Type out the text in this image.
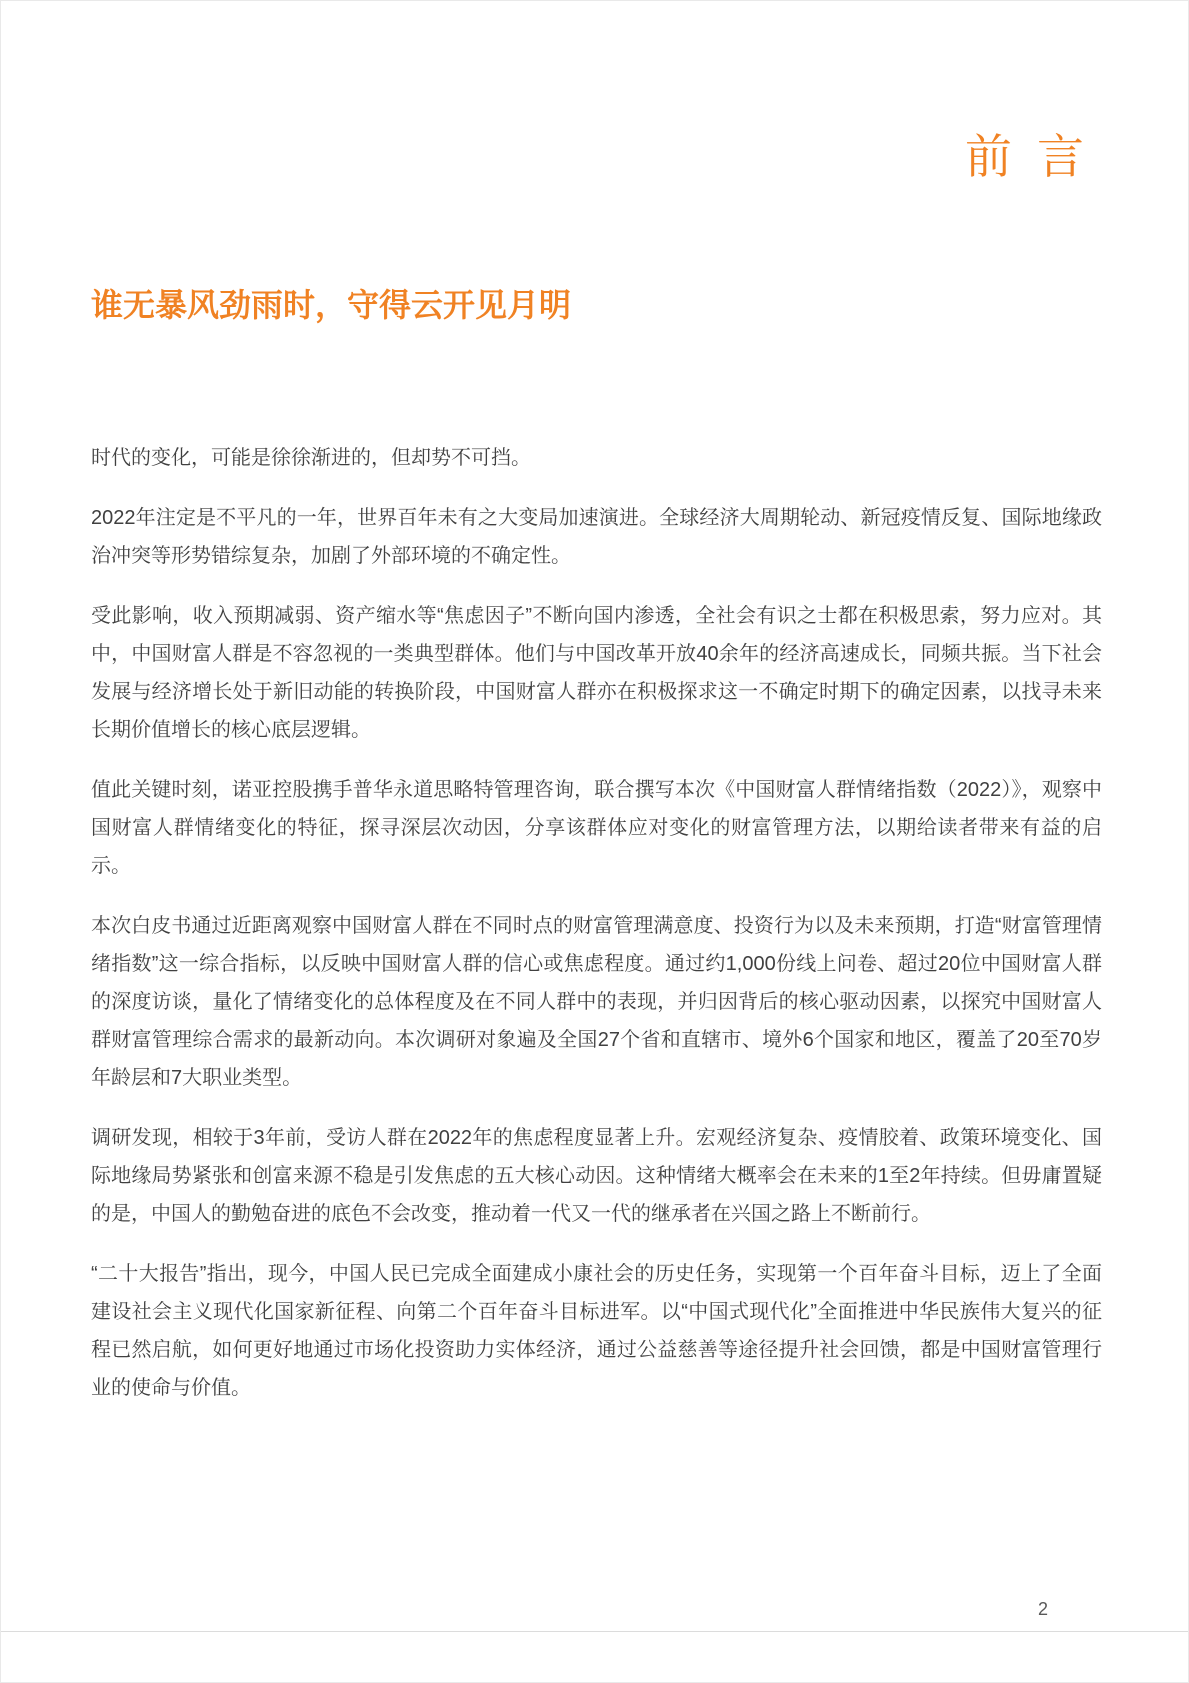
前 言
谁无暴风劲雨时，守得云开见月明

时代的变化，可能是徐徐渐进的，但却势不可挡。

2022年注定是不平凡的一年，世界百年未有之大变局加速演进。全球经济大周期轮动、新冠疫情反复、国际地缘政治冲突等形势错综复杂，加剧了外部环境的不确定性。

受此影响，收入预期减弱、资产缩水等“焦虑因子”不断向国内渗透，全社会有识之士都在积极思索，努力应对。其中，中国财富人群是不容忽视的一类典型群体。他们与中国改革开放40余年的经济高速成长，同频共振。当下社会发展与经济增长处于新旧动能的转换阶段，中国财富人群亦在积极探求这一不确定时期下的确定因素，以找寻未来长期价值增长的核心底层逻辑。

值此关键时刻，诺亚控股携手普华永道思略特管理咨询，联合撰写本次《中国财富人群情绪指数（2022）》，观察中国财富人群情绪变化的特征，探寻深层次动因，分享该群体应对变化的财富管理方法，以期给读者带来有益的启示。

本次白皮书通过近距离观察中国财富人群在不同时点的财富管理满意度、投资行为以及未来预期，打造“财富管理情绪指数”这一综合指标，以反映中国财富人群的信心或焦虑程度。通过约1,000份线上问卷、超过20位中国财富人群的深度访谈，量化了情绪变化的总体程度及在不同人群中的表现，并归因背后的核心驱动因素，以探究中国财富人群财富管理综合需求的最新动向。本次调研对象遍及全国27个省和直辖市、境外6个国家和地区，覆盖了20至70岁年龄层和7大职业类型。

调研发现，相较于3年前，受访人群在2022年的焦虑程度显著上升。宏观经济复杂、疫情胶着、政策环境变化、国际地缘局势紧张和创富来源不稳是引发焦虑的五大核心动因。这种情绪大概率会在未来的1至2年持续。但毋庸置疑的是，中国人的勤勉奋进的底色不会改变，推动着一代又一代的继承者在兴国之路上不断前行。

“二十大报告”指出，现今，中国人民已完成全面建成小康社会的历史任务，实现第一个百年奋斗目标，迈上了全面建设社会主义现代化国家新征程、向第二个百年奋斗目标进军。以“中国式现代化”全面推进中华民族伟大复兴的征程已然启航，如何更好地通过市场化投资助力实体经济，通过公益慈善等途径提升社会回馈，都是中国财富管理行业的使命与价值。

2
